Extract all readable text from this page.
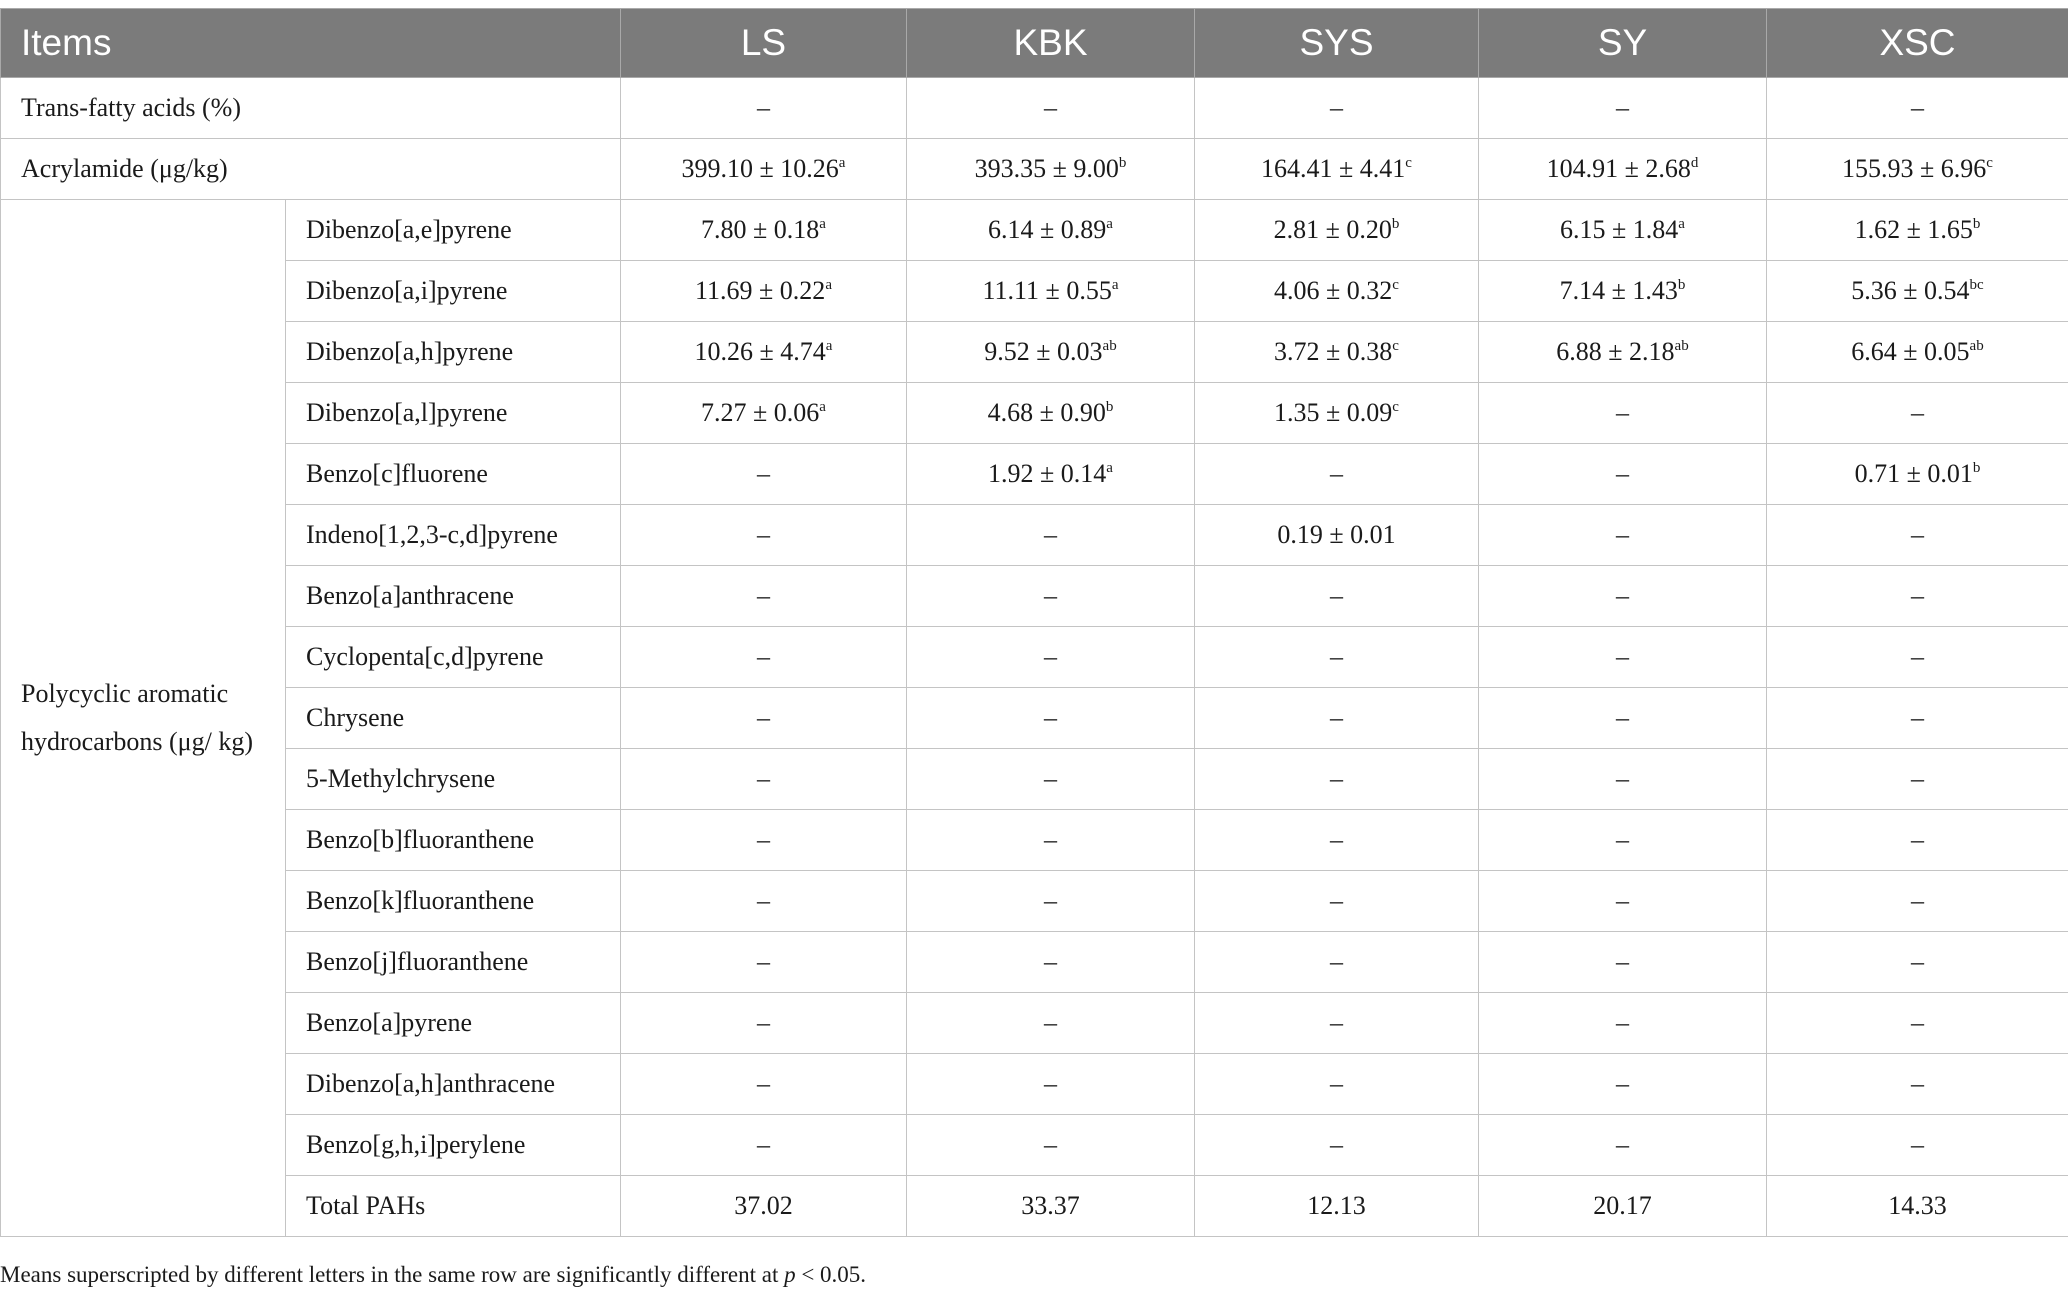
Items		LS	KBK	SYS	SY	XSC
Trans-fatty acids (%)		–	–	–	–	–
Acrylamide (μg/kg)		399.10 ± 10.26$^a$	393.35 ± 9.00$^b$	164.41 ± 4.41$^c$	104.91 ± 2.68$^d$	155.93 ± 6.96$^c$
Polycyclic aromatic hydrocarbons (μg/ kg)	Dibenzo[a,e]pyrene	7.80 ± 0.18$^a$	6.14 ± 0.89$^a$	2.81 ± 0.20$^b$	6.15 ± 1.84$^a$	1.62 ± 1.65$^b$
	Dibenzo[a,i]pyrene	11.69 ± 0.22$^a$	11.11 ± 0.55$^a$	4.06 ± 0.32$^c$	7.14 ± 1.43$^b$	5.36 ± 0.54$^{bc}$
	Dibenzo[a,h]pyrene	10.26 ± 4.74$^a$	9.52 ± 0.03$^{ab}$	3.72 ± 0.38$^c$	6.88 ± 2.18$^{ab}$	6.64 ± 0.05$^{ab}$
	Dibenzo[a,l]pyrene	7.27 ± 0.06$^a$	4.68 ± 0.90$^b$	1.35 ± 0.09$^c$	–	–
	Benzo[c]fluorene	–	1.92 ± 0.14$^a$	–	–	0.71 ± 0.01$^b$
	Indeno[1,2,3-c,d]pyrene	–	–	0.19 ± 0.01	–	–
	Benzo[a]anthracene	–	–	–	–	–
	Cyclopenta[c,d]pyrene	–	–	–	–	–
	Chrysene	–	–	–	–	–
	5-Methylchrysene	–	–	–	–	–
	Benzo[b]fluoranthene	–	–	–	–	–
	Benzo[k]fluoranthene	–	–	–	–	–
	Benzo[j]fluoranthene	–	–	–	–	–
	Benzo[a]pyrene	–	–	–	–	–
	Dibenzo[a,h]anthracene	–	–	–	–	–
	Benzo[g,h,i]perylene	–	–	–	–	–
	Total PAHs	37.02	33.37	12.13	20.17	14.33
Means superscripted by different letters in the same row are significantly different at p < 0.05.
